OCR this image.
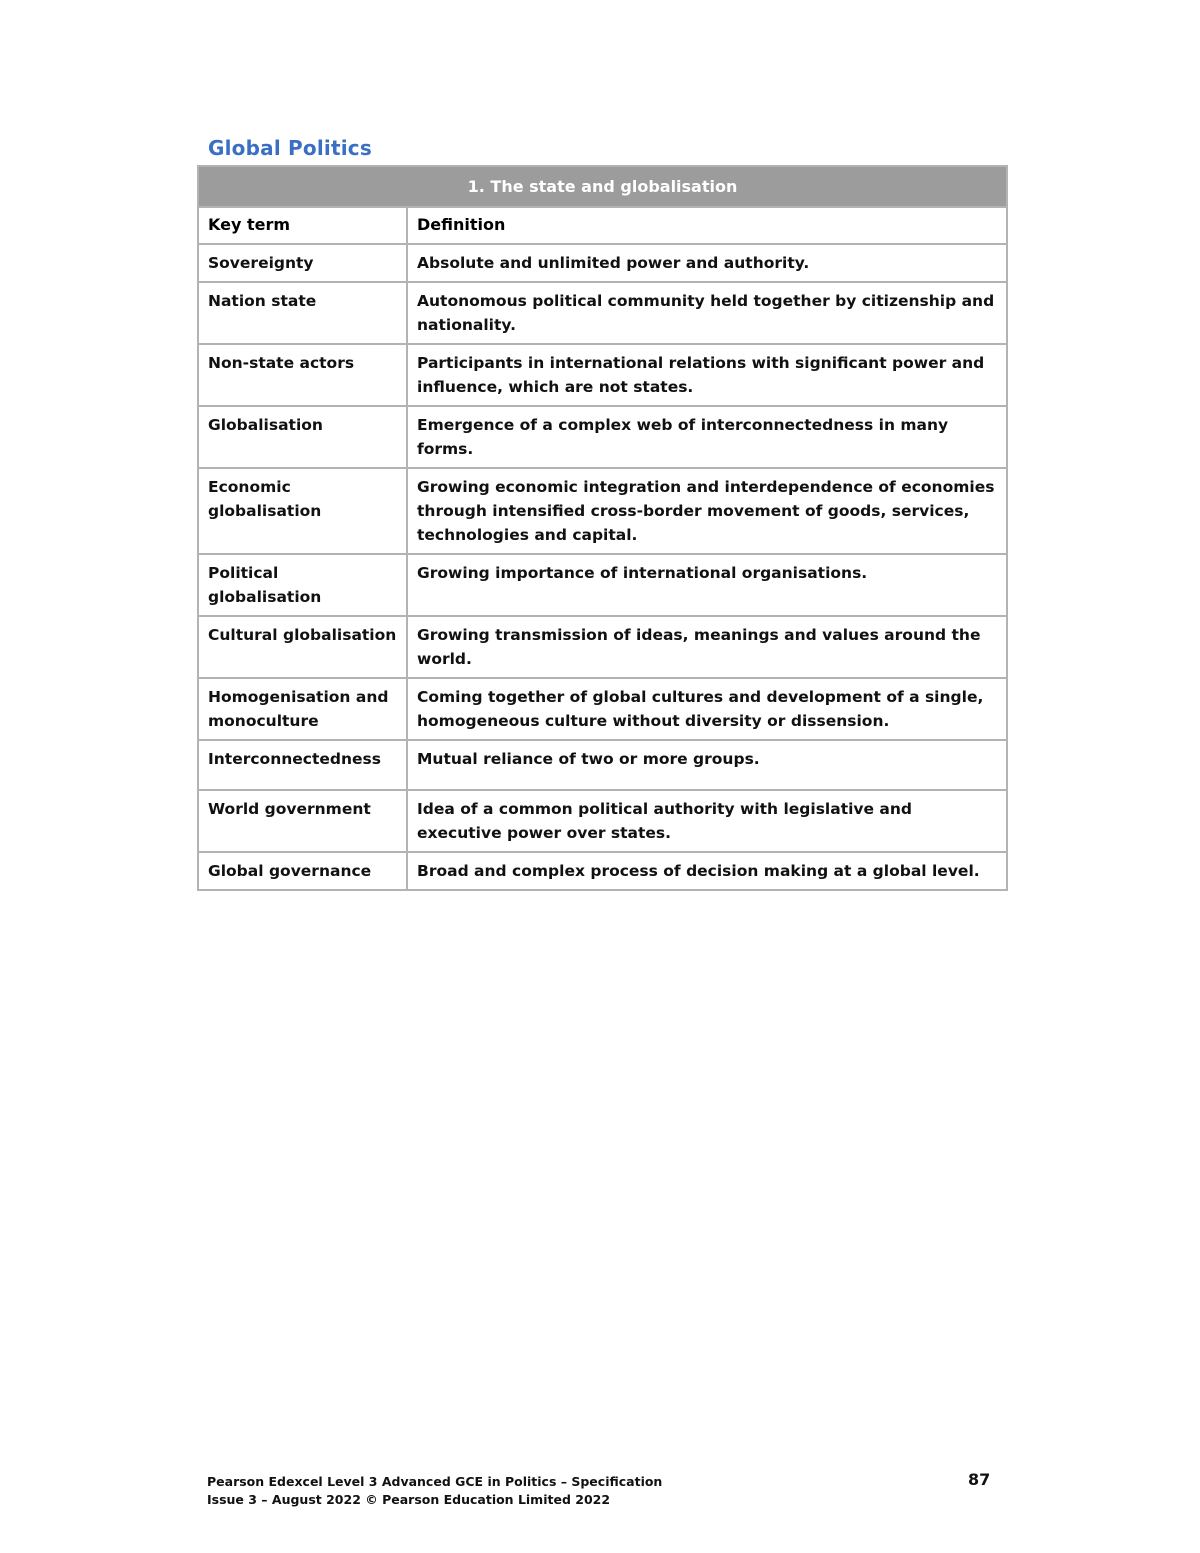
Global Politics
1. The state and globalisation	
Key term	Definition
Sovereignty	Absolute and unlimited power and authority.
Nation state	Autonomous political community held together by citizenship and nationality.
Non-state actors	Participants in international relations with significant power and influence, which are not states.
Globalisation	Emergence of a complex web of interconnectedness in many forms.
Economic globalisation	Growing economic integration and interdependence of economies through intensified cross-border movement of goods, services, technologies and capital.
Political globalisation	Growing importance of international organisations.
Cultural globalisation	Growing transmission of ideas, meanings and values around the world.
Homogenisation and monoculture	Coming together of global cultures and development of a single, homogeneous culture without diversity or dissension.
Interconnectedness	Mutual reliance of two or more groups.
World government	Idea of a common political authority with legislative and executive power over states.
Global governance	Broad and complex process of decision making at a global level.
Pearson Edexcel Level 3 Advanced GCE in Politics – Specification
Issue 3 – August 2022 © Pearson Education Limited 2022
87
